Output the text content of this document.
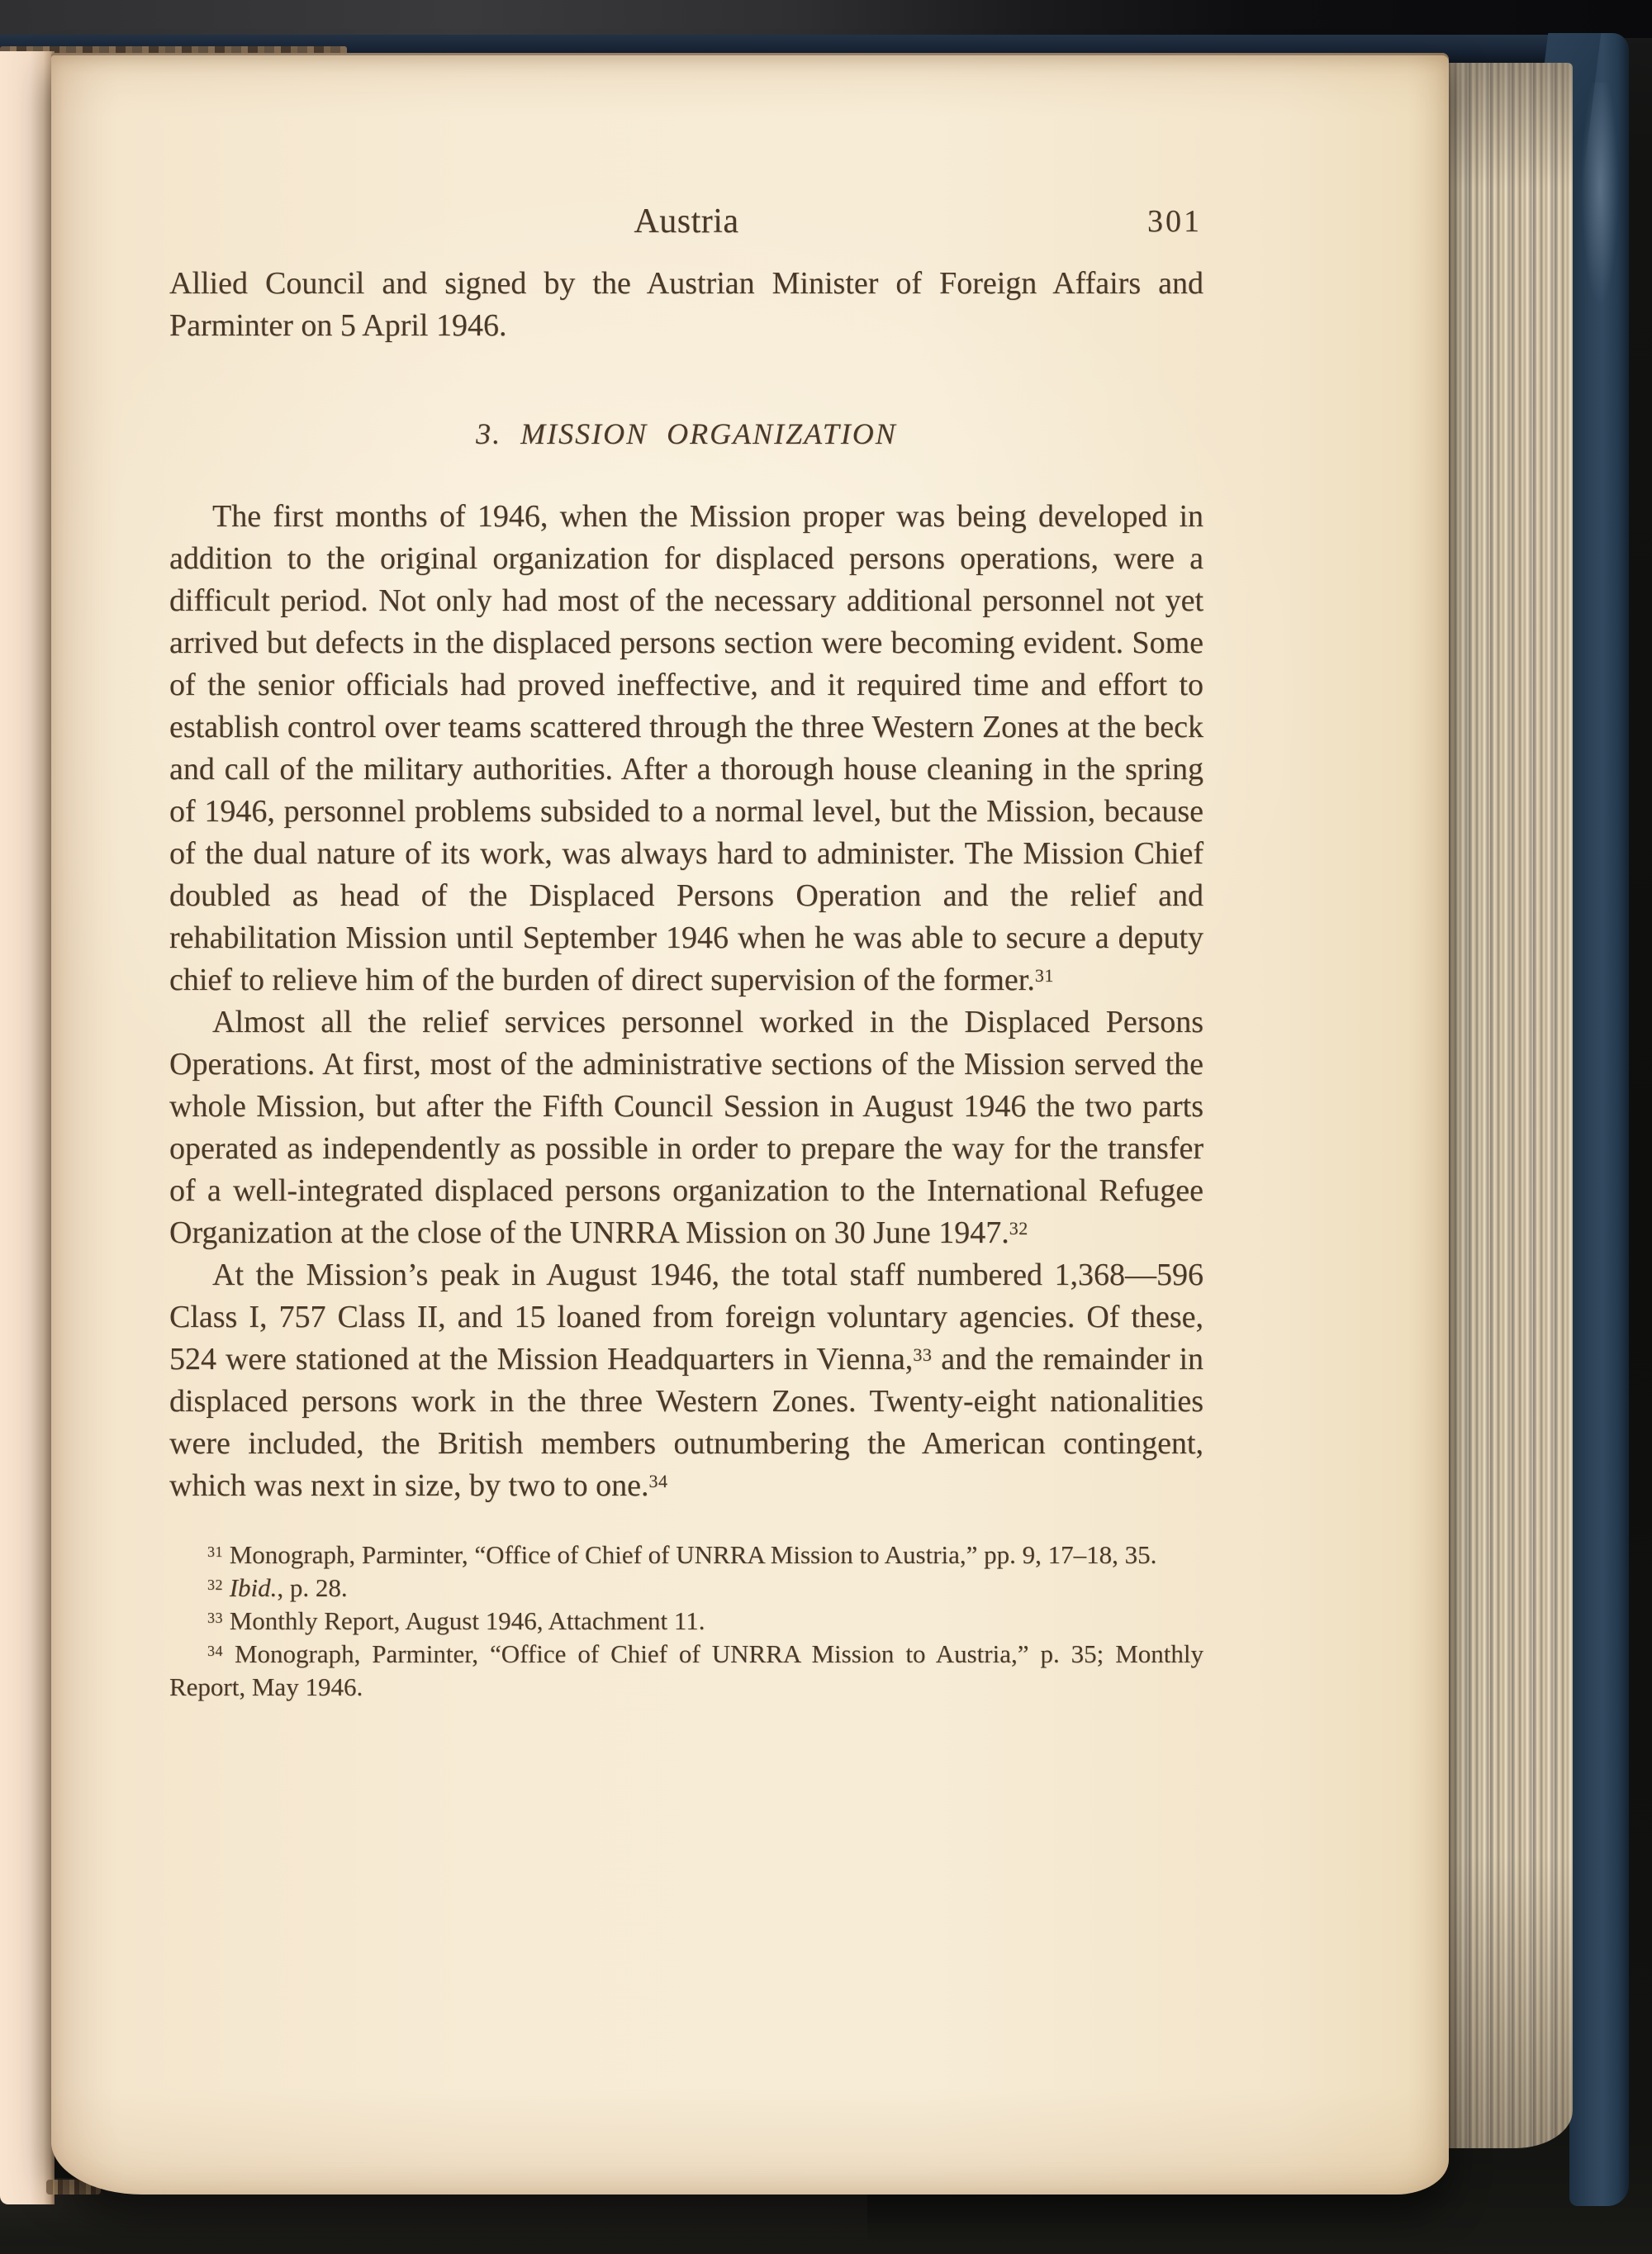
Austria	301

Allied Council and signed by the Austrian Minister of Foreign Affairs and Parminter on 5 April 1946.

3. MISSION ORGANIZATION

The first months of 1946, when the Mission proper was being developed in addition to the original organization for displaced persons operations, were a difficult period. Not only had most of the necessary additional personnel not yet arrived but defects in the displaced persons section were becoming evident. Some of the senior officials had proved ineffective, and it required time and effort to establish control over teams scattered through the three Western Zones at the beck and call of the military authorities. After a thorough house cleaning in the spring of 1946, personnel problems subsided to a normal level, but the Mission, because of the dual nature of its work, was always hard to administer. The Mission Chief doubled as head of the Displaced Persons Operation and the relief and rehabilitation Mission until September 1946 when he was able to secure a deputy chief to relieve him of the burden of direct supervision of the former.$^{31}$

Almost all the relief services personnel worked in the Displaced Persons Operations. At first, most of the administrative sections of the Mission served the whole Mission, but after the Fifth Council Session in August 1946 the two parts operated as independently as possible in order to prepare the way for the transfer of a well-integrated displaced persons organization to the International Refugee Organization at the close of the UNRRA Mission on 30 June 1947.32

At the Mission’s peak in August 1946, the total staff numbered 1,368—596 Class I, 757 Class II, and 15 loaned from foreign voluntary agencies. Of these, 524 were stationed at the Mission Headquarters in Vienna,$^{33}$ and the remainder in displaced persons work in the three Western Zones. Twenty-eight nationalities were included, the British members outnumbering the American contingent, which was next in size, by two to one.$^{34}$

$^{31}$ Monograph, Parminter, “Office of Chief of UNRRA Mission to Austria,” pp. 9, 17–18, 35.

$^{32}$ Ibid., p. 28.

$^{33}$ Monthly Report, August 1946, Attachment 11.

$^{34}$ Monograph, Parminter, “Office of Chief of UNRRA Mission to Austria,” p. 35; Monthly Report, May 1946.
